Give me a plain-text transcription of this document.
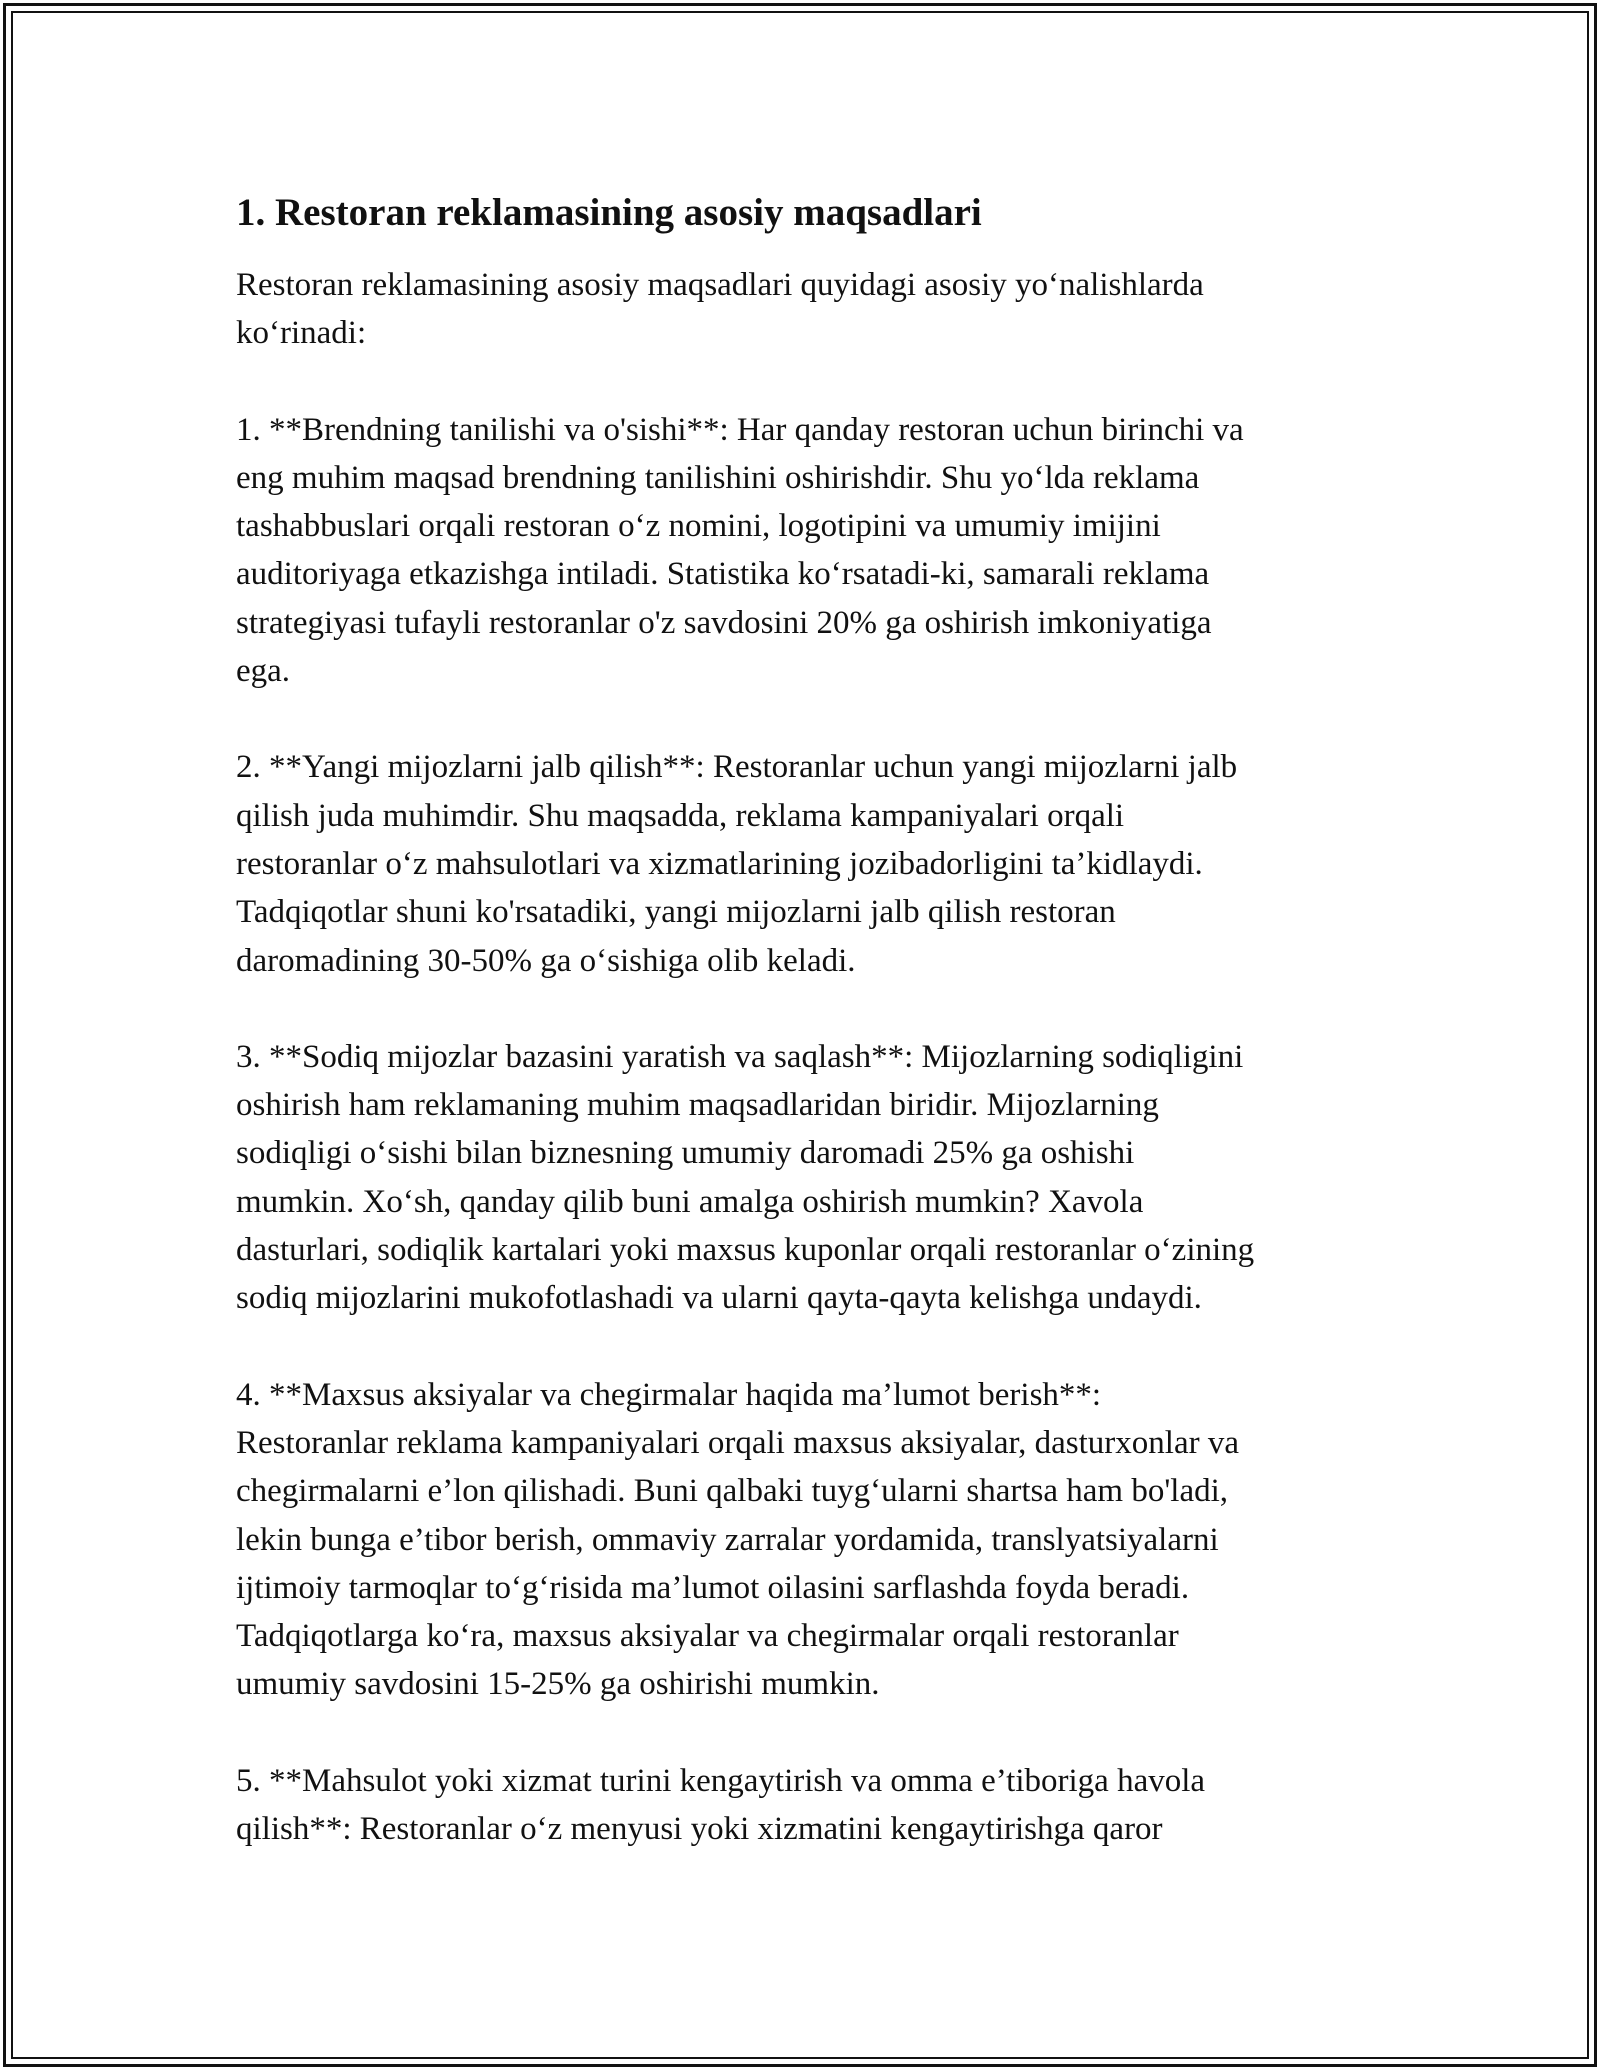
1. Restoran reklamasining asosiy maqsadlari

Restoran reklamasining asosiy maqsadlari quyidagi asosiy yo‘nalishlarda
ko‘rinadi:

1. **Brendning tanilishi va o'sishi**: Har qanday restoran uchun birinchi va
eng muhim maqsad brendning tanilishini oshirishdir. Shu yo‘lda reklama
tashabbuslari orqali restoran o‘z nomini, logotipini va umumiy imijini
auditoriyaga etkazishga intiladi. Statistika ko‘rsatadi-ki, samarali reklama
strategiyasi tufayli restoranlar o'z savdosini 20% ga oshirish imkoniyatiga
ega.

2. **Yangi mijozlarni jalb qilish**: Restoranlar uchun yangi mijozlarni jalb
qilish juda muhimdir. Shu maqsadda, reklama kampaniyalari orqali
restoranlar o‘z mahsulotlari va xizmatlarining jozibadorligini ta’kidlaydi.
Tadqiqotlar shuni ko'rsatadiki, yangi mijozlarni jalb qilish restoran
daromadining 30-50% ga o‘sishiga olib keladi.

3. **Sodiq mijozlar bazasini yaratish va saqlash**: Mijozlarning sodiqligini
oshirish ham reklamaning muhim maqsadlaridan biridir. Mijozlarning
sodiqligi o‘sishi bilan biznesning umumiy daromadi 25% ga oshishi
mumkin. Xo‘sh, qanday qilib buni amalga oshirish mumkin? Xavola
dasturlari, sodiqlik kartalari yoki maxsus kuponlar orqali restoranlar o‘zining
sodiq mijozlarini mukofotlashadi va ularni qayta-qayta kelishga undaydi.

4. **Maxsus aksiyalar va chegirmalar haqida ma’lumot berish**:
Restoranlar reklama kampaniyalari orqali maxsus aksiyalar, dasturxonlar va
chegirmalarni e’lon qilishadi. Buni qalbaki tuyg‘ularni shartsa ham bo'ladi,
lekin bunga e’tibor berish, ommaviy zarralar yordamida, translyatsiyalarni
ijtimoiy tarmoqlar to‘g‘risida ma’lumot oilasini sarflashda foyda beradi.
Tadqiqotlarga ko‘ra, maxsus aksiyalar va chegirmalar orqali restoranlar
umumiy savdosini 15-25% ga oshirishi mumkin.

5. **Mahsulot yoki xizmat turini kengaytirish va omma e’tiboriga havola
qilish**: Restoranlar o‘z menyusi yoki xizmatini kengaytirishga qaror
